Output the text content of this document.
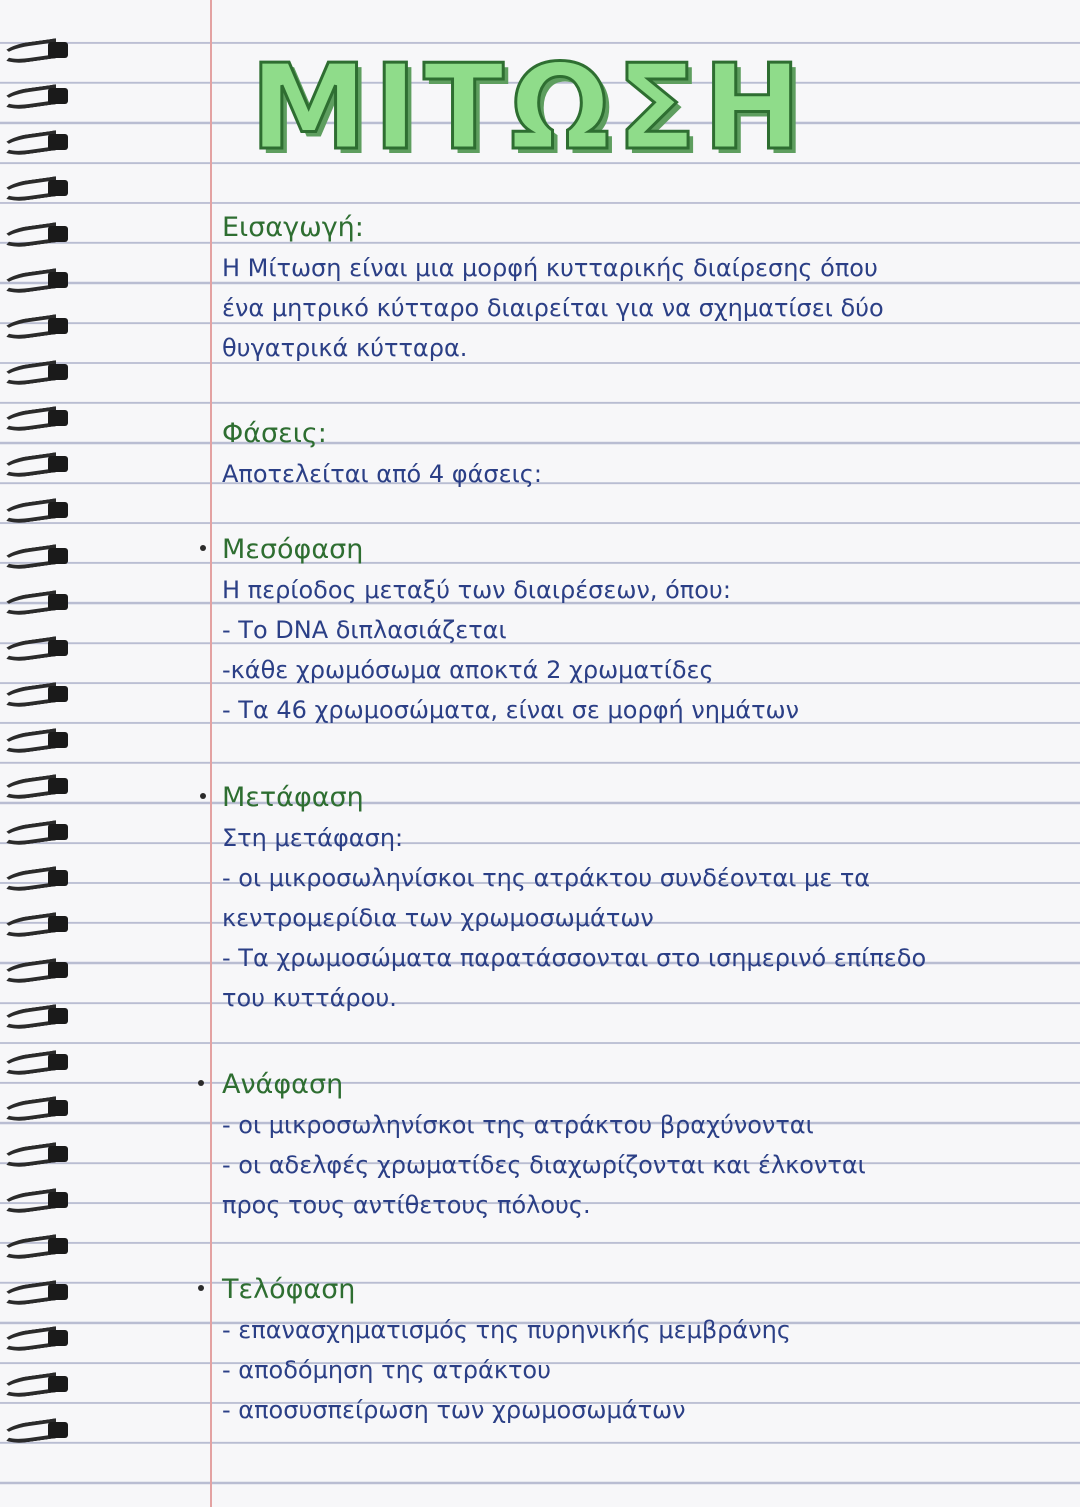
ΜΙΤΩΣΗ
Εισαγωγή:
Η Μίτωση είναι μια μορφή κυτταρικής διαίρεσης όπου
ένα μητρικό κύτταρο διαιρείται για να σχηματίσει δύο
θυγατρικά κύτταρα.
Φάσεις:
Αποτελείται από 4 φάσεις:
Μεσόφαση
Η περίοδος μεταξύ των διαιρέσεων, όπου:
- Το DNA διπλασιάζεται
-κάθε χρωμόσωμα αποκτά 2 χρωματίδες
- Τα 46 χρωμοσώματα, είναι σε μορφή νημάτων
Μετάφαση
Στη μετάφαση:
- οι μικροσωληνίσκοι της ατράκτου συνδέονται με τα
κεντρομερίδια των χρωμοσωμάτων
- Τα χρωμοσώματα παρατάσσονται στο ισημερινό επίπεδο
του κυττάρου.
Ανάφαση
- οι μικροσωληνίσκοι της ατράκτου βραχύνονται
- οι αδελφές χρωματίδες διαχωρίζονται και έλκονται
προς τους αντίθετους πόλους.
Τελόφαση
- επανασχηματισμός της πυρηνικής μεμβράνης
- αποδόμηση της ατράκτου
- αποσυσπείρωση των χρωμοσωμάτων
